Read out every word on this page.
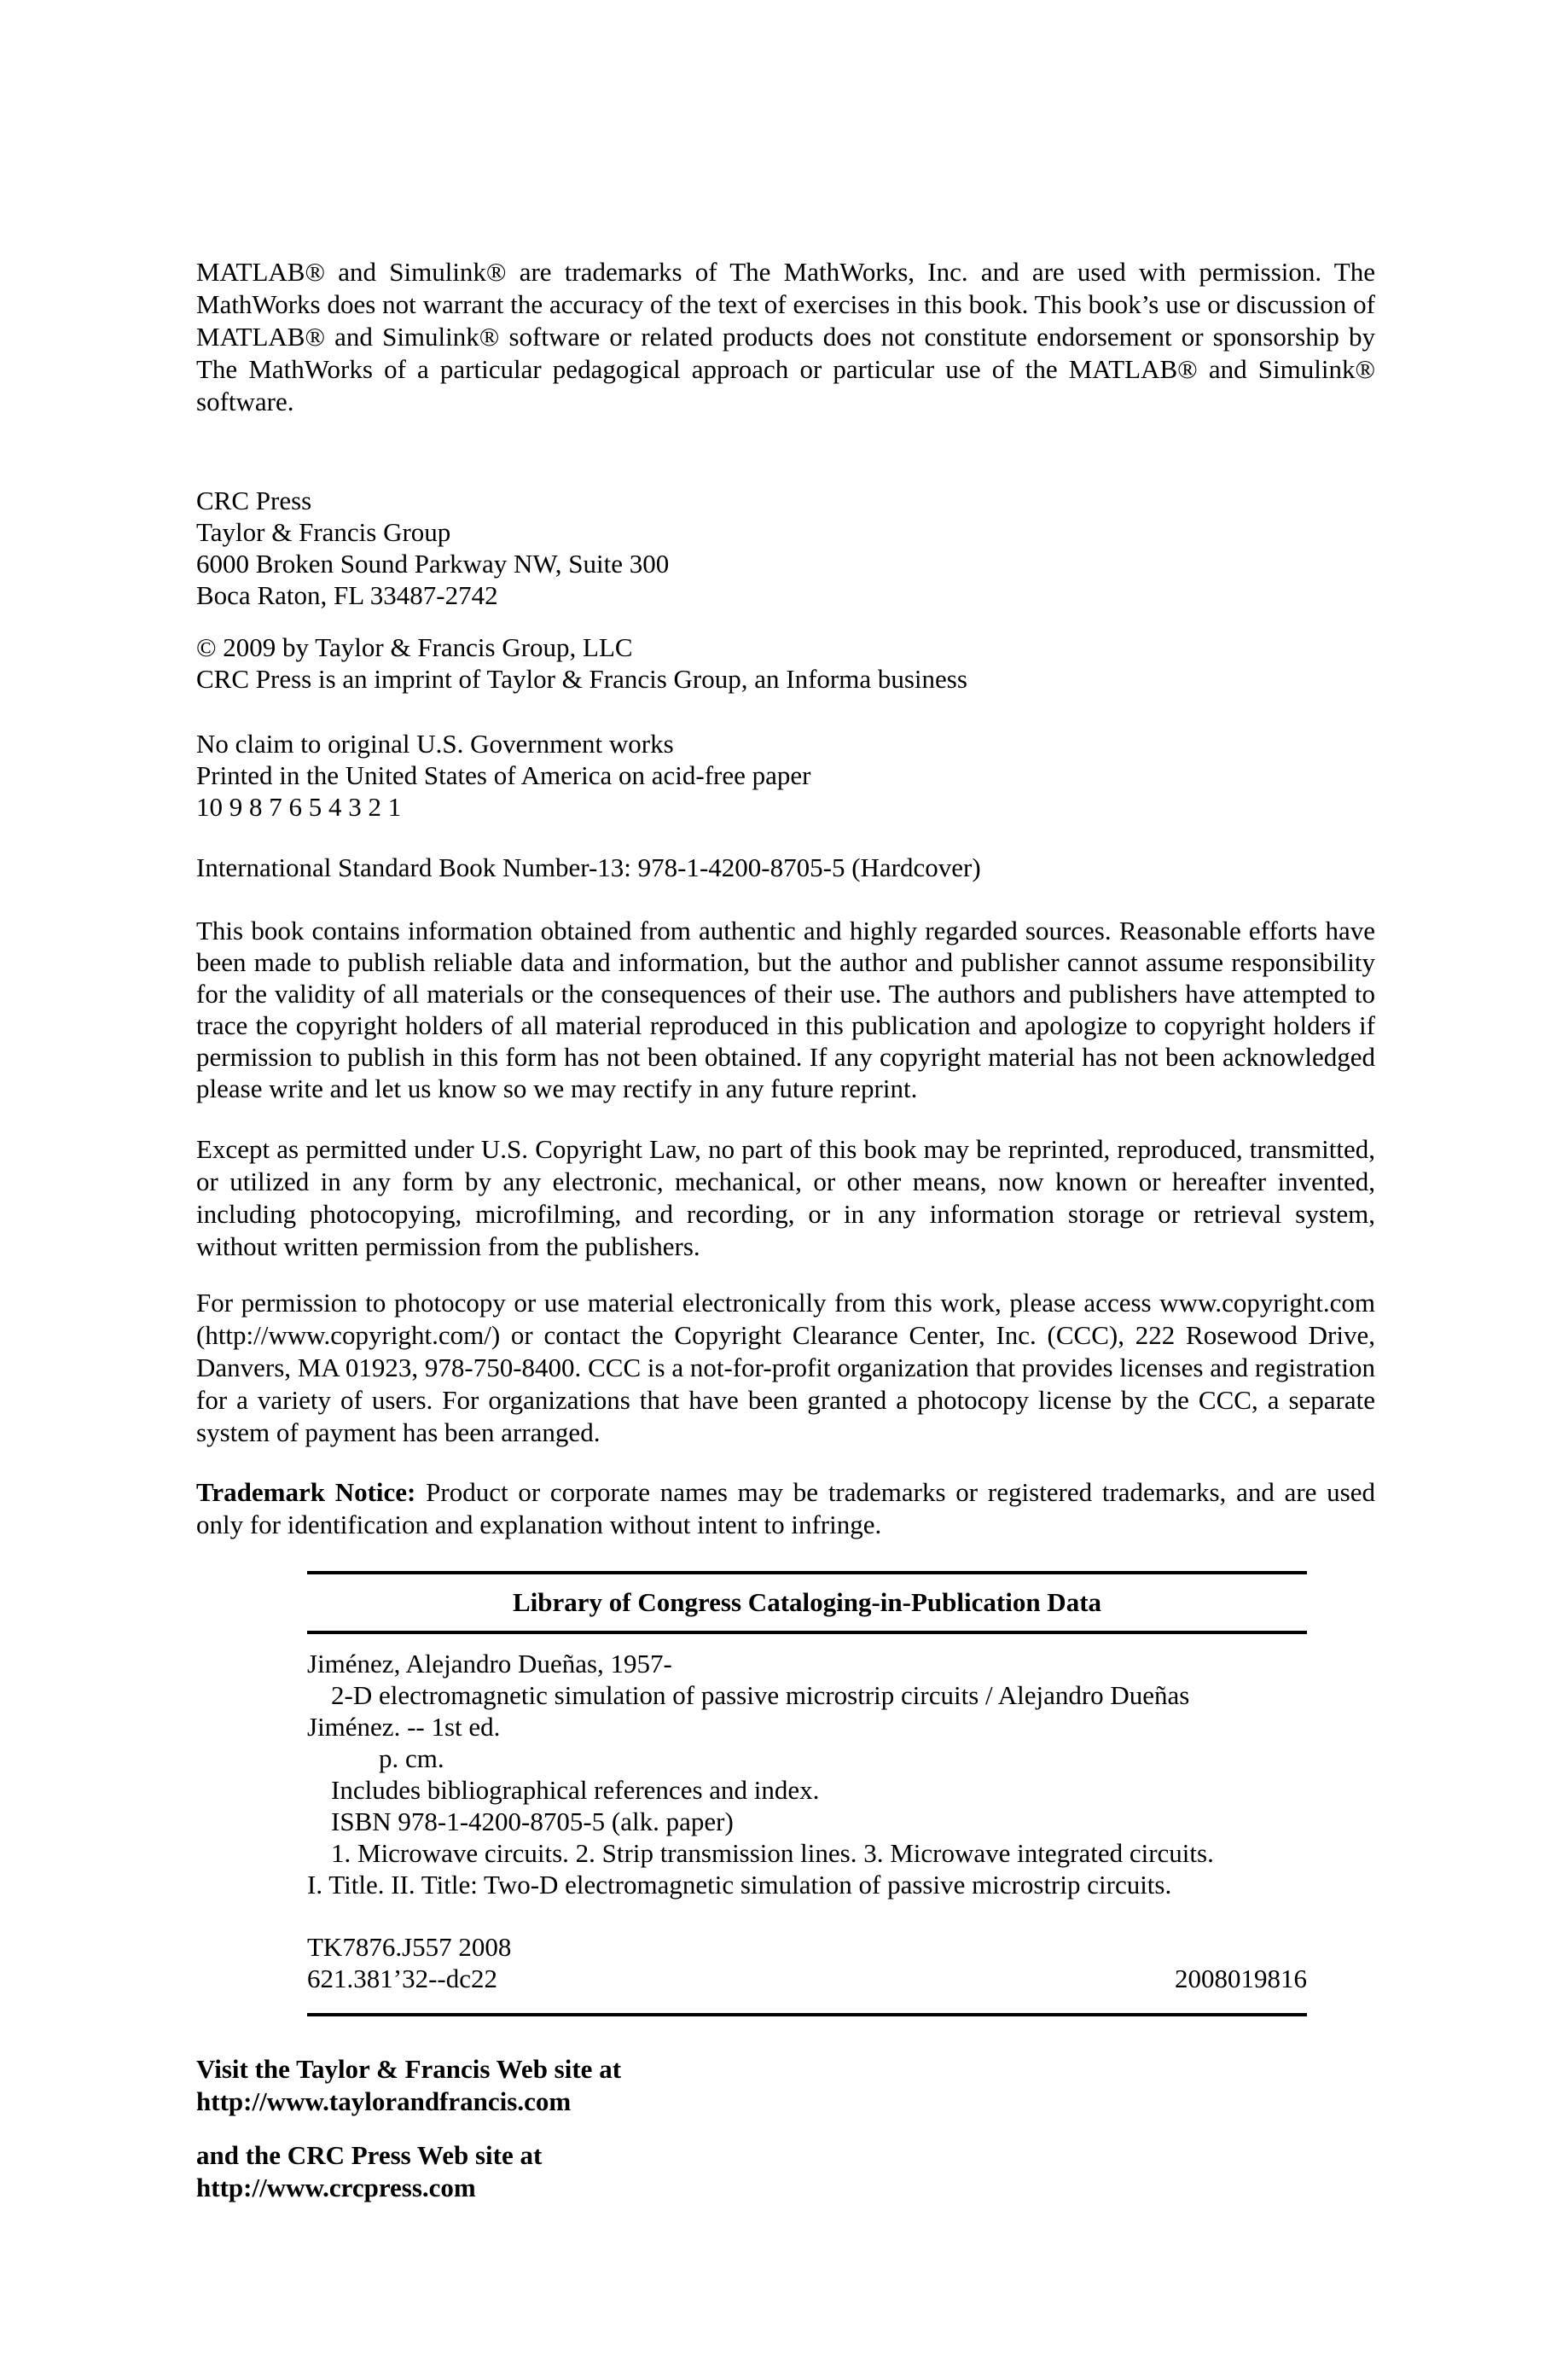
MATLAB® and Simulink® are trademarks of The MathWorks, Inc. and are used with permission. The MathWorks does not warrant the accuracy of the text of exercises in this book. This book’s use or discussion of MATLAB® and Simulink® software or related products does not constitute endorsement or sponsorship by The MathWorks of a particular pedagogical approach or particular use of the MATLAB® and Simulink® software.
CRC Press
Taylor & Francis Group
6000 Broken Sound Parkway NW, Suite 300
Boca Raton, FL 33487-2742
© 2009 by Taylor & Francis Group, LLC
CRC Press is an imprint of Taylor & Francis Group, an Informa business
No claim to original U.S. Government works
Printed in the United States of America on acid-free paper
10 9 8 7 6 5 4 3 2 1
International Standard Book Number-13: 978-1-4200-8705-5 (Hardcover)
This book contains information obtained from authentic and highly regarded sources. Reasonable efforts have been made to publish reliable data and information, but the author and publisher cannot assume responsibility for the validity of all materials or the consequences of their use. The authors and publishers have attempted to trace the copyright holders of all material reproduced in this publication and apologize to copyright holders if permission to publish in this form has not been obtained. If any copyright material has not been acknowledged please write and let us know so we may rectify in any future reprint.
Except as permitted under U.S. Copyright Law, no part of this book may be reprinted, reproduced, transmitted, or utilized in any form by any electronic, mechanical, or other means, now known or hereafter invented, including photocopying, microfilming, and recording, or in any information storage or retrieval system, without written permission from the publishers.
For permission to photocopy or use material electronically from this work, please access www.copyright.com (http://www.copyright.com/) or contact the Copyright Clearance Center, Inc. (CCC), 222 Rosewood Drive, Danvers, MA 01923, 978-750-8400. CCC is a not-for-profit organization that provides licenses and registration for a variety of users. For organizations that have been granted a photocopy license by the CCC, a separate system of payment has been arranged.
Trademark Notice: Product or corporate names may be trademarks or registered trademarks, and are used only for identification and explanation without intent to infringe.
Library of Congress Cataloging-in-Publication Data
Jiménez, Alejandro Dueñas, 1957-
2-D electromagnetic simulation of passive microstrip circuits / Alejandro Dueñas
Jiménez. -- 1st ed.
p. cm.
Includes bibliographical references and index.
ISBN 978-1-4200-8705-5 (alk. paper)
1. Microwave circuits. 2. Strip transmission lines. 3. Microwave integrated circuits.
I. Title. II. Title: Two-D electromagnetic simulation of passive microstrip circuits.
TK7876.J557 2008
621.381’32--dc22	2008019816
Visit the Taylor & Francis Web site at
http://www.taylorandfrancis.com
and the CRC Press Web site at
http://www.crcpress.com
